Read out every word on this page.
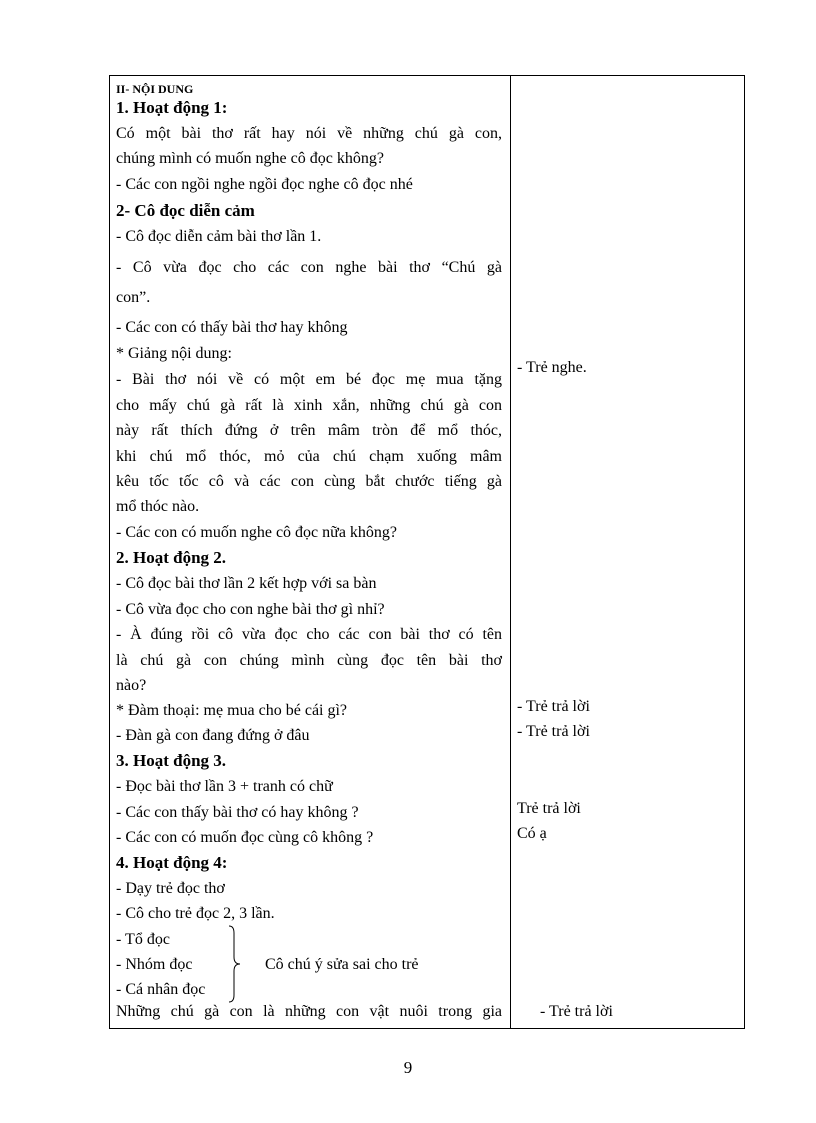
II- NỘI DUNG
1. Hoạt động 1:
Có một bài thơ rất hay nói về những chú gà con,
chúng mình có muốn nghe cô đọc không?
- Các con ngồi nghe ngồi đọc nghe cô đọc nhé
2- Cô đọc diễn cảm
- Cô đọc diễn cảm bài thơ lần 1.
- Cô vừa đọc cho các con nghe bài thơ “Chú gà
con”.
- Các con có thấy bài thơ hay không
* Giảng nội dung:
- Bài thơ nói về có một em bé đọc mẹ mua tặng
cho mấy chú gà rất là xinh xắn, những chú gà con
này rất thích đứng ở trên mâm tròn để mổ thóc,
khi chú mổ thóc, mỏ của chú chạm xuống mâm
kêu tốc tốc cô và các con cùng bắt chước tiếng gà
mổ thóc nào.
- Các con có muốn nghe cô đọc nữa không?
2. Hoạt động 2.
- Cô đọc bài thơ lần 2 kết hợp với sa bàn
- Cô vừa đọc cho con nghe bài thơ gì nhỉ?
- À đúng rồi cô vừa đọc cho các con bài thơ có tên
là chú gà con chúng mình cùng đọc tên bài thơ
nào?
* Đàm thoại: mẹ mua cho bé cái gì?
- Đàn gà con đang đứng ở đâu
3. Hoạt động 3.
- Đọc bài thơ lần 3 + tranh có chữ
- Các con thấy bài thơ có hay không ?
- Các con có muốn đọc cùng cô không ?
4. Hoạt động 4:
- Dạy trẻ đọc thơ
- Cô cho trẻ đọc 2, 3 lần.
- Tổ đọc
- Nhóm đọc
- Cá nhân đọc
Cô chú ý sửa sai cho trẻ
Những chú gà con là những con vật nuôi trong gia
- Trẻ nghe.
- Trẻ trả lời
- Trẻ trả lời
Trẻ trả lời
Có ạ
- Trẻ trả lời
9
